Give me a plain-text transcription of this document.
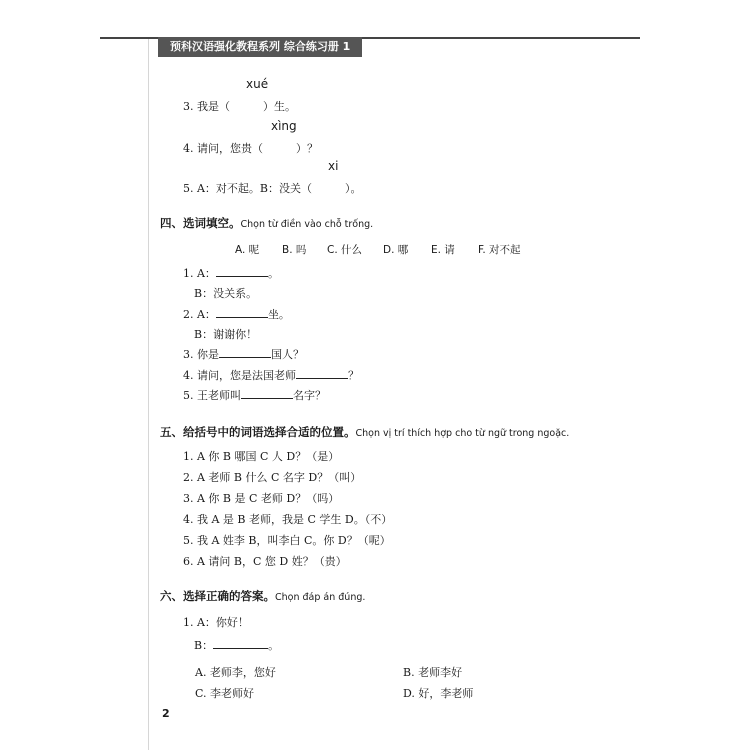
预科汉语强化教程系列 综合练习册 1
xué
3. 我是（　　　	）生。
xìng
4. 请问，您贵（　　　	）？
xi
5. A：对不起。B：没关（　　　	）。
四、选词填空。Chọn từ điền vào chỗ trống.
A. 呢 B. 吗 C. 什么 D. 哪 E. 请 F. 对不起
1. A：	。
B：没关系。
2. A：	坐。
B：谢谢你！
3. 你是	国人？
4. 请问，您是法国老师	？
5. 王老师叫	名字？
五、给括号中的词语选择合适的位置。Chọn vị trí thích hợp cho từ ngữ trong ngoặc.
1. A 你 B 哪国 C 人 D？（是）
2. A 老师 B 什么 C 名字 D？（叫）
3. A 你 B 是 C 老师 D？（吗）
4. 我 A 是 B 老师，我是 C 学生 D。（不）
5. 我 A 姓李 B，叫李白 C。你 D？（呢）
6. A 请问 B，C 您 D 姓？（贵）
六、选择正确的答案。Chọn đáp án đúng.
1. A：你好！
B：	。
A. 老师李，您好	B. 老师李好
C. 李老师好	D. 好，李老师
2
